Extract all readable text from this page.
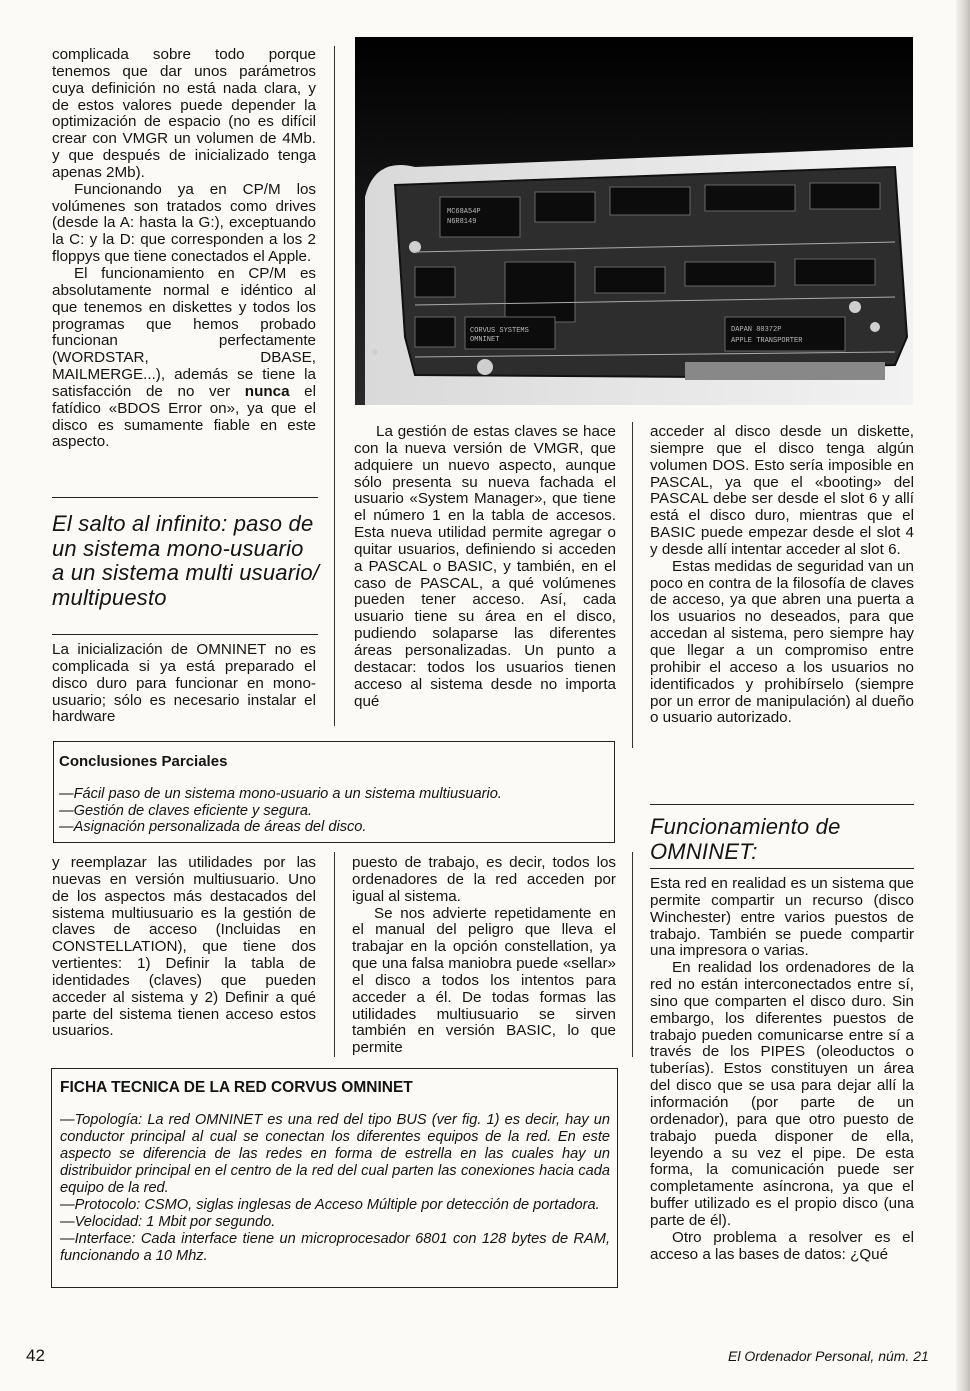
complicada sobre todo porque tenemos que dar unos parámetros cuya definición no está nada clara, y de estos valores puede depender la optimización de espacio (no es difícil crear con VMGR un volumen de 4Mb. y que después de inicializado tenga apenas 2Mb).

Funcionando ya en CP/M los volúmenes son tratados como drives (desde la A: hasta la G:), exceptuando la C: y la D: que corresponden a los 2 floppys que tiene conectados el Apple.

El funcionamiento en CP/M es absolutamente normal e idéntico al que tenemos en diskettes y todos los programas que hemos probado funcionan perfectamente (WORDSTAR, DBASE, MAILMERGE...), además se tiene la satisfacción de no ver nunca el fatídico «BDOS Error on», ya que el disco es sumamente fiable en este aspecto.

El salto al infinito: paso de un sistema mono-usuario a un sistema multi usuario/ multipuesto

La inicialización de OMNINET no es complicada si ya está preparado el disco duro para funcionar en mono-usuario; sólo es necesario instalar el hardware

MC68A54P
N6R8149
CORVUS SYSTEMS
OMNINET	APPLE TRANSPORTER
DAPAN 80372P

La gestión de estas claves se hace con la nueva versión de VMGR, que adquiere un nuevo aspecto, aunque sólo presenta su nueva fachada el usuario «System Manager», que tiene el número 1 en la tabla de accesos. Esta nueva utilidad permite agregar o quitar usuarios, definiendo si acceden a PASCAL o BASIC, y también, en el caso de PASCAL, a qué volúmenes pueden tener acceso. Así, cada usuario tiene su área en el disco, pudiendo solaparse las diferentes áreas personalizadas. Un punto a destacar: todos los usuarios tienen acceso al sistema desde no importa qué

acceder al disco desde un diskette, siempre que el disco tenga algún volumen DOS. Esto sería imposible en PASCAL, ya que el «booting» del PASCAL debe ser desde el slot 6 y allí está el disco duro, mientras que el BASIC puede empezar desde el slot 4 y desde allí intentar acceder al slot 6.

Estas medidas de seguridad van un poco en contra de la filosofía de claves de acceso, ya que abren una puerta a los usuarios no deseados, para que accedan al sistema, pero siempre hay que llegar a un compromiso entre prohibir el acceso a los usuarios no identificados y prohibírselo (siempre por un error de manipulación) al dueño o usuario autorizado.

Funcionamiento de OMNINET:

Esta red en realidad es un sistema que permite compartir un recurso (disco Winchester) entre varios puestos de trabajo. También se puede compartir una impresora o varias.

En realidad los ordenadores de la red no están interconectados entre sí, sino que comparten el disco duro. Sin embargo, los diferentes puestos de trabajo pueden comunicarse entre sí a través de los PIPES (oleoductos o tuberías). Estos constituyen un área del disco que se usa para dejar allí la información (por parte de un ordenador), para que otro puesto de trabajo pueda disponer de ella, leyendo a su vez el pipe. De esta forma, la comunicación puede ser completamente asíncrona, ya que el buffer utilizado es el propio disco (una parte de él).

Otro problema a resolver es el acceso a las bases de datos: ¿Qué

Conclusiones Parciales

—Fácil paso de un sistema mono-usuario a un sistema multiusuario.

—Gestión de claves eficiente y segura.

—Asignación personalizada de áreas del disco.

y reemplazar las utilidades por las nuevas en versión multiusuario. Uno de los aspectos más destacados del sistema multiusuario es la gestión de claves de acceso (Incluidas en CONSTELLATION), que tiene dos vertientes: 1) Definir la tabla de identidades (claves) que pueden acceder al sistema y 2) Definir a qué parte del sistema tienen acceso estos usuarios.

puesto de trabajo, es decir, todos los ordenadores de la red acceden por igual al sistema.

Se nos advierte repetidamente en el manual del peligro que lleva el trabajar en la opción constellation, ya que una falsa maniobra puede «sellar» el disco a todos los intentos para acceder a él. De todas formas las utilidades multiusuario se sirven también en versión BASIC, lo que permite

FICHA TECNICA DE LA RED CORVUS OMNINET

—Topología: La red OMNINET es una red del tipo BUS (ver fig. 1) es decir, hay un conductor principal al cual se conectan los diferentes equipos de la red. En este aspecto se diferencia de las redes en forma de estrella en las cuales hay un distribuidor principal en el centro de la red del cual parten las conexiones hacia cada equipo de la red.

—Protocolo: CSMO, siglas inglesas de Acceso Múltiple por detección de portadora.

—Velocidad: 1 Mbit por segundo.

—Interface: Cada interface tiene un microprocesador 6801 con 128 bytes de RAM, funcionando a 10 Mhz.

42	El Ordenador Personal, núm. 21
